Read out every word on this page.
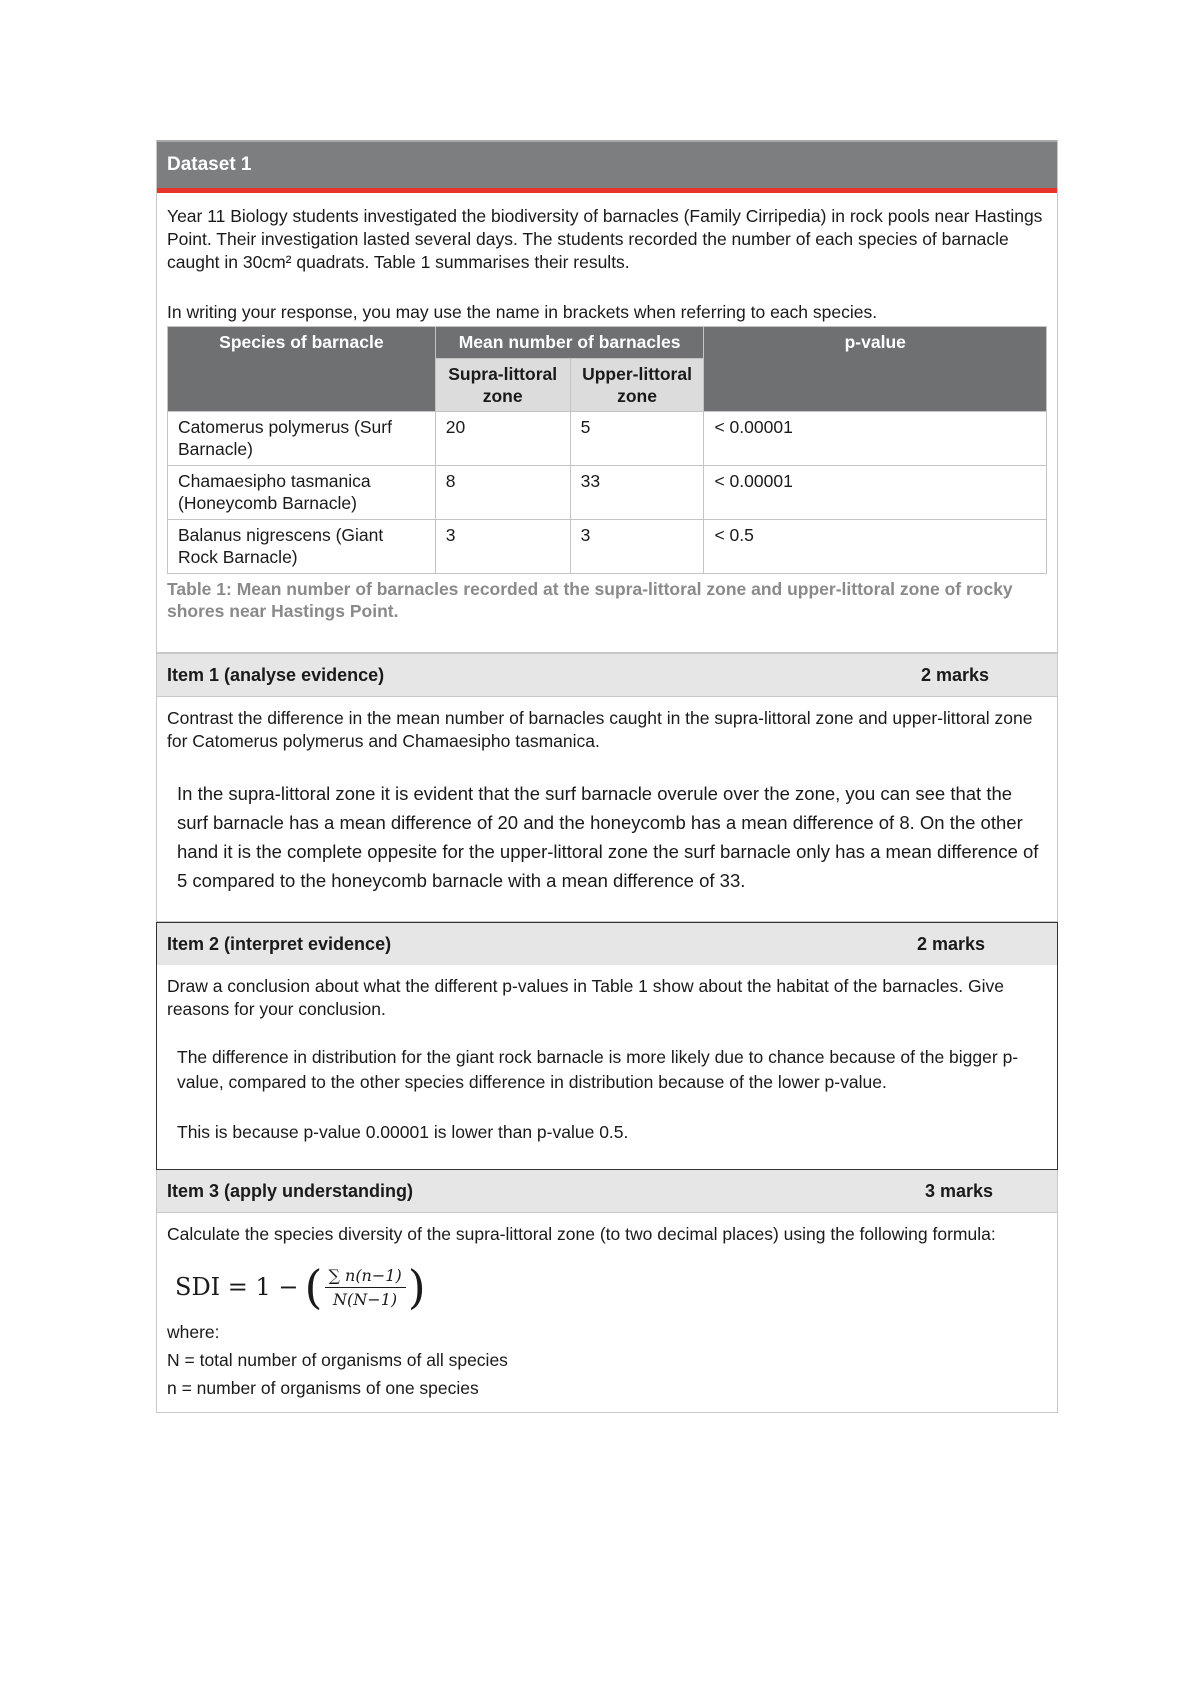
Dataset 1

Year 11 Biology students investigated the biodiversity of barnacles (Family Cirripedia) in rock pools near Hastings Point. Their investigation lasted several days. The students recorded the number of each species of barnacle caught in 30cm² quadrats. Table 1 summarises their results.

In writing your response, you may use the name in brackets when referring to each species.

Species of barnacle	Mean number of barnacles		p-value
	Supra-littoral zone	Upper-littoral zone	
Catomerus polymerus (Surf Barnacle)	20	5	< 0.00001
Chamaesipho tasmanica (Honeycomb Barnacle)	8	33	< 0.00001
Balanus nigrescens (Giant Rock Barnacle)	3	3	< 0.5
Table 1: Mean number of barnacles recorded at the supra-littoral zone and upper-littoral zone of rocky shores near Hastings Point.
Item 1 (analyse evidence)	2 marks
Contrast the difference in the mean number of barnacles caught in the supra-littoral zone and upper-littoral zone for Catomerus polymerus and Chamaesipho tasmanica.
In the supra-littoral zone it is evident that the surf barnacle overule over the zone, you can see that the surf barnacle has a mean difference of 20 and the honeycomb has a mean difference of 8. On the other hand it is the complete oppesite for the upper-littoral zone the surf barnacle only has a mean difference of 5 compared to the honeycomb barnacle with a mean difference of 33.
Item 2 (interpret evidence)	2 marks
Draw a conclusion about what the different p-values in Table 1 show about the habitat of the barnacles. Give reasons for your conclusion.

The difference in distribution for the giant rock barnacle is more likely due to chance because of the bigger p-value, compared to the other species difference in distribution because of the lower p-value.

This is because p-value 0.00001 is lower than p-value 0.5.

Item 3 (apply understanding)	3 marks
Calculate the species diversity of the supra-littoral zone (to two decimal places) using the following formula:
SDI = 1 − ( $\frac{\sum n(n-1)}{N(N-1)}$ )
where:
N = total number of organisms of all species
n = number of organisms of one species
